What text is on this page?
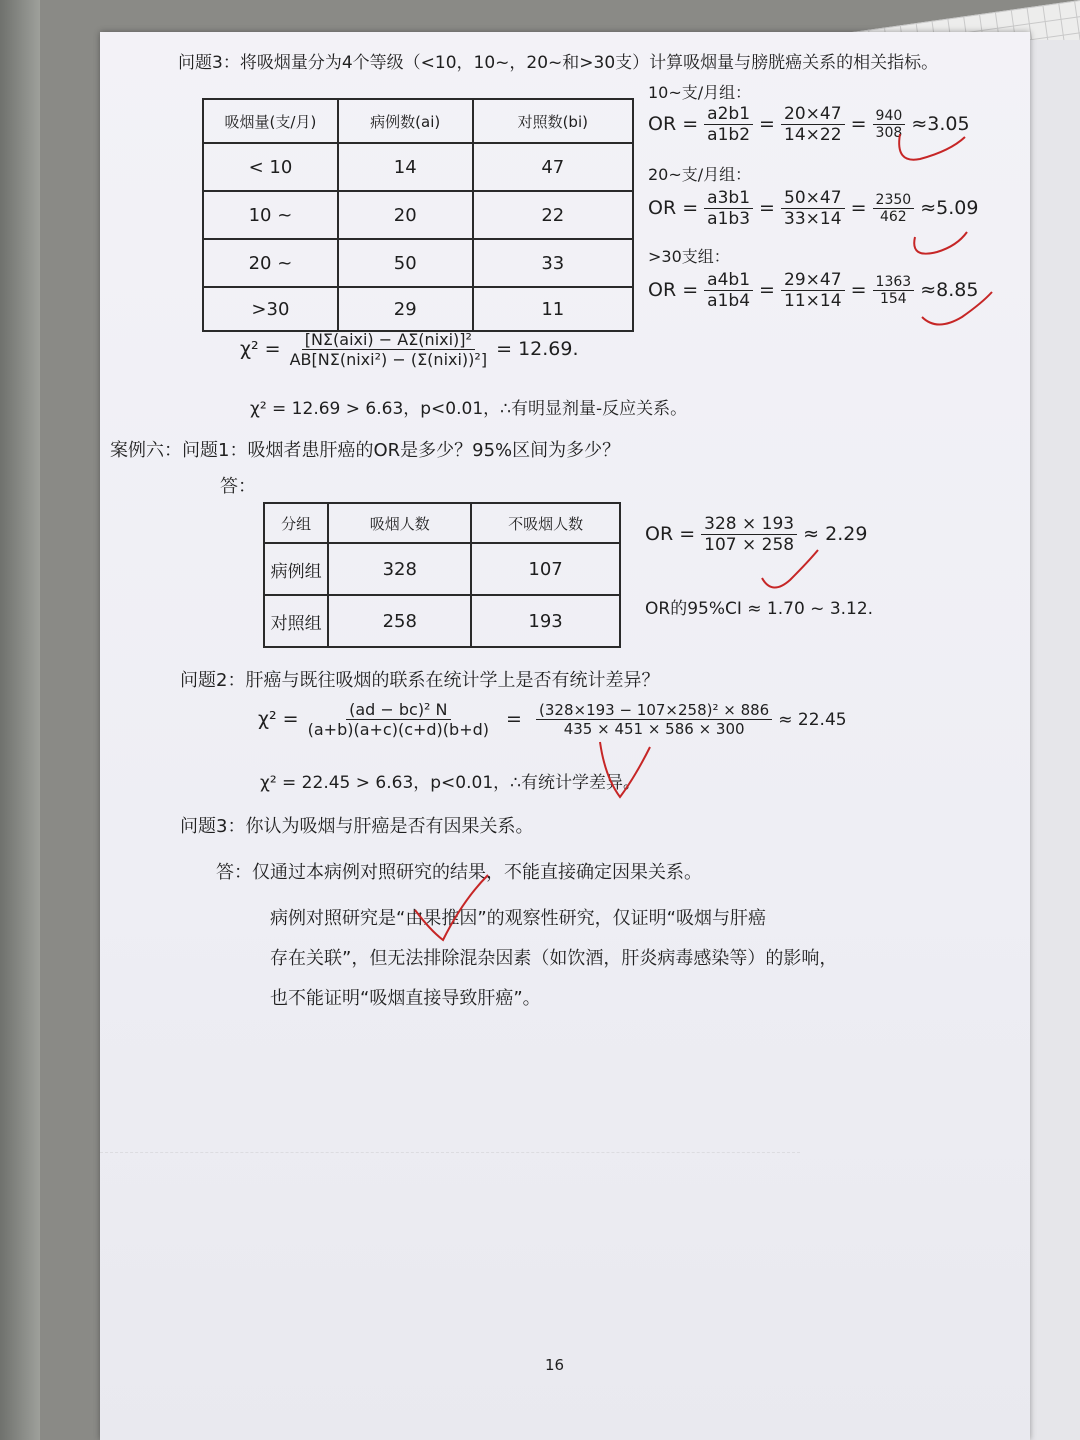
问题3：将吸烟量分为4个等级（<10，10~，20~和>30支）计算吸烟量与膀胱癌关系的相关指标。
吸烟量(支/月)	病例数(ai)	对照数(bi)
< 10	14	47
10 ~	20	22
20 ~	50	33
>30	29	11
10~支/月组：
OR = $\frac{a2b1}{a1b2} = \frac{20\times 47}{14\times 22} = \frac{940}{308} \approx 3.05$
20~支/月组：
OR = $\frac{a3b1}{a1b3} = \frac{50\times 47}{33\times 14} = \frac{2350}{462} \approx 5.09$
>30支组：
OR = $\frac{a4b1}{a1b4} = \frac{29\times 47}{11\times 14} = \frac{1363}{154} \approx 8.85$
$\chi^2 = \frac{\text{[NΣ(aixi) − AΣ(nixi)]²}}{\text{AB[NΣ(nixi²) − (Σ(nixi))²]}} = 12.69$.
χ² = 12.69 > 6.63，p<0.01，∴有明显剂量-反应关系。
案例六：问题1：吸烟者患肝癌的OR是多少？95%区间为多少？
答：
分组	吸烟人数	不吸烟人数
病例组	328	107
对照组	258	193
OR = $\frac{328 \times 193}{107 \times 258} \approx 2.29$
OR的95%CI ≈ 1.70 ~ 3.12.
问题2：肝癌与既往吸烟的联系在统计学上是否有统计差异？
$\chi^2 = \frac{\text{(ad − bc)² N}}{(a+b)(a+c)(c+d)(b+d)} = \frac{\text{(328×193 − 107×258)² × 886}}{435 \times 451 \times 586 \times 300} \approx 22.45$
χ² = 22.45 > 6.63，p<0.01，∴有统计学差异。
问题3：你认为吸烟与肝癌是否有因果关系。
答：仅通过本病例对照研究的结果，不能直接确定因果关系。
病例对照研究是“由果推因”的观察性研究，仅证明“吸烟与肝癌
存在关联”，但无法排除混杂因素（如饮酒，肝炎病毒感染等）的影响，
也不能证明“吸烟直接导致肝癌”。
16
